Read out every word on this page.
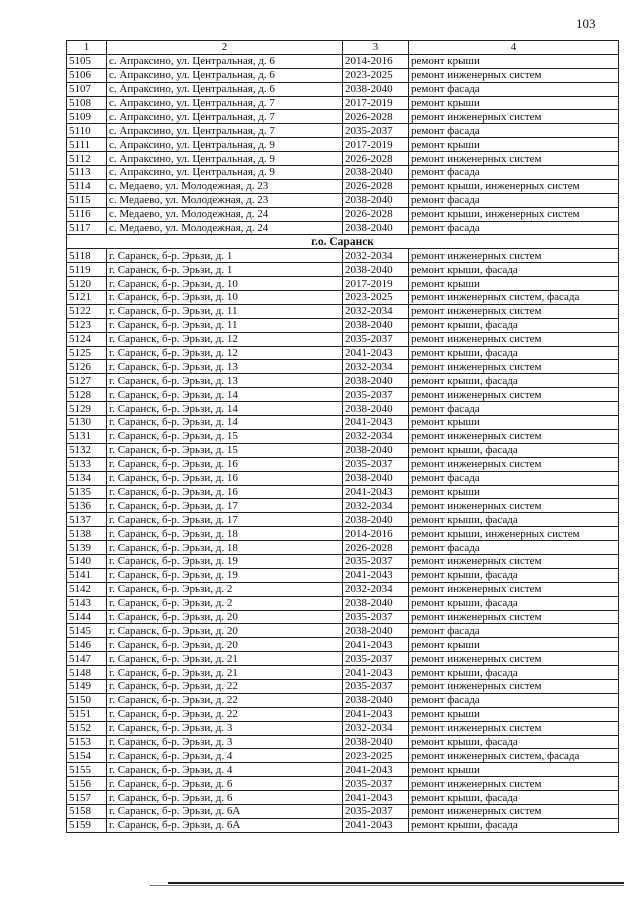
103
1	2	3	4
5105	с. Апраксино, ул. Центральная, д. 6	2014-2016	ремонт крыши
5106	с. Апраксино, ул. Центральная, д. 6	2023-2025	ремонт инженерных систем
5107	с. Апраксино, ул. Центральная, д. 6	2038-2040	ремонт фасада
5108	с. Апраксино, ул. Центральная, д. 7	2017-2019	ремонт крыши
5109	с. Апраксино, ул. Центральная, д. 7	2026-2028	ремонт инженерных систем
5110	с. Апраксино, ул. Центральная, д. 7	2035-2037	ремонт фасада
5111	с. Апраксино, ул. Центральная, д. 9	2017-2019	ремонт крыши
5112	с. Апраксино, ул. Центральная, д. 9	2026-2028	ремонт инженерных систем
5113	с. Апраксино, ул. Центральная, д. 9	2038-2040	ремонт фасада
5114	с. Медаево, ул. Молодежная, д. 23	2026-2028	ремонт крыши, инженерных систем
5115	с. Медаево, ул. Молодежная, д. 23	2038-2040	ремонт фасада
5116	с. Медаево, ул. Молодежная, д. 24	2026-2028	ремонт крыши, инженерных систем
5117	с. Медаево, ул. Молодежная, д. 24	2038-2040	ремонт фасада
г.о. Саранск			
5118	г. Саранск, б-р. Эрьзи, д. 1	2032-2034	ремонт инженерных систем
5119	г. Саранск, б-р. Эрьзи, д. 1	2038-2040	ремонт крыши, фасада
5120	г. Саранск, б-р. Эрьзи, д. 10	2017-2019	ремонт крыши
5121	г. Саранск, б-р. Эрьзи, д. 10	2023-2025	ремонт инженерных систем, фасада
5122	г. Саранск, б-р. Эрьзи, д. 11	2032-2034	ремонт инженерных систем
5123	г. Саранск, б-р. Эрьзи, д. 11	2038-2040	ремонт крыши, фасада
5124	г. Саранск, б-р. Эрьзи, д. 12	2035-2037	ремонт инженерных систем
5125	г. Саранск, б-р. Эрьзи, д. 12	2041-2043	ремонт крыши, фасада
5126	г. Саранск, б-р. Эрьзи, д. 13	2032-2034	ремонт инженерных систем
5127	г. Саранск, б-р. Эрьзи, д. 13	2038-2040	ремонт крыши, фасада
5128	г. Саранск, б-р. Эрьзи, д. 14	2035-2037	ремонт инженерных систем
5129	г. Саранск, б-р. Эрьзи, д. 14	2038-2040	ремонт фасада
5130	г. Саранск, б-р. Эрьзи, д. 14	2041-2043	ремонт крыши
5131	г. Саранск, б-р. Эрьзи, д. 15	2032-2034	ремонт инженерных систем
5132	г. Саранск, б-р. Эрьзи, д. 15	2038-2040	ремонт крыши, фасада
5133	г. Саранск, б-р. Эрьзи, д. 16	2035-2037	ремонт инженерных систем
5134	г. Саранск, б-р. Эрьзи, д. 16	2038-2040	ремонт фасада
5135	г. Саранск, б-р. Эрьзи, д. 16	2041-2043	ремонт крыши
5136	г. Саранск, б-р. Эрьзи, д. 17	2032-2034	ремонт инженерных систем
5137	г. Саранск, б-р. Эрьзи, д. 17	2038-2040	ремонт крыши, фасада
5138	г. Саранск, б-р. Эрьзи, д. 18	2014-2016	ремонт крыши, инженерных систем
5139	г. Саранск, б-р. Эрьзи, д. 18	2026-2028	ремонт фасада
5140	г. Саранск, б-р. Эрьзи, д. 19	2035-2037	ремонт инженерных систем
5141	г. Саранск, б-р. Эрьзи, д. 19	2041-2043	ремонт крыши, фасада
5142	г. Саранск, б-р. Эрьзи, д. 2	2032-2034	ремонт инженерных систем
5143	г. Саранск, б-р. Эрьзи, д. 2	2038-2040	ремонт крыши, фасада
5144	г. Саранск, б-р. Эрьзи, д. 20	2035-2037	ремонт инженерных систем
5145	г. Саранск, б-р. Эрьзи, д. 20	2038-2040	ремонт фасада
5146	г. Саранск, б-р. Эрьзи, д. 20	2041-2043	ремонт крыши
5147	г. Саранск, б-р. Эрьзи, д. 21	2035-2037	ремонт инженерных систем
5148	г. Саранск, б-р. Эрьзи, д. 21	2041-2043	ремонт крыши, фасада
5149	г. Саранск, б-р. Эрьзи, д. 22	2035-2037	ремонт инженерных систем
5150	г. Саранск, б-р. Эрьзи, д. 22	2038-2040	ремонт фасада
5151	г. Саранск, б-р. Эрьзи, д. 22	2041-2043	ремонт крыши
5152	г. Саранск, б-р. Эрьзи, д. 3	2032-2034	ремонт инженерных систем
5153	г. Саранск, б-р. Эрьзи, д. 3	2038-2040	ремонт крыши, фасада
5154	г. Саранск, б-р. Эрьзи, д. 4	2023-2025	ремонт инженерных систем, фасада
5155	г. Саранск, б-р. Эрьзи, д. 4	2041-2043	ремонт крыши
5156	г. Саранск, б-р. Эрьзи, д. 6	2035-2037	ремонт инженерных систем
5157	г. Саранск, б-р. Эрьзи, д. 6	2041-2043	ремонт крыши, фасада
5158	г. Саранск, б-р. Эрьзи, д. 6А	2035-2037	ремонт инженерных систем
5159	г. Саранск, б-р. Эрьзи, д. 6А	2041-2043	ремонт крыши, фасада
